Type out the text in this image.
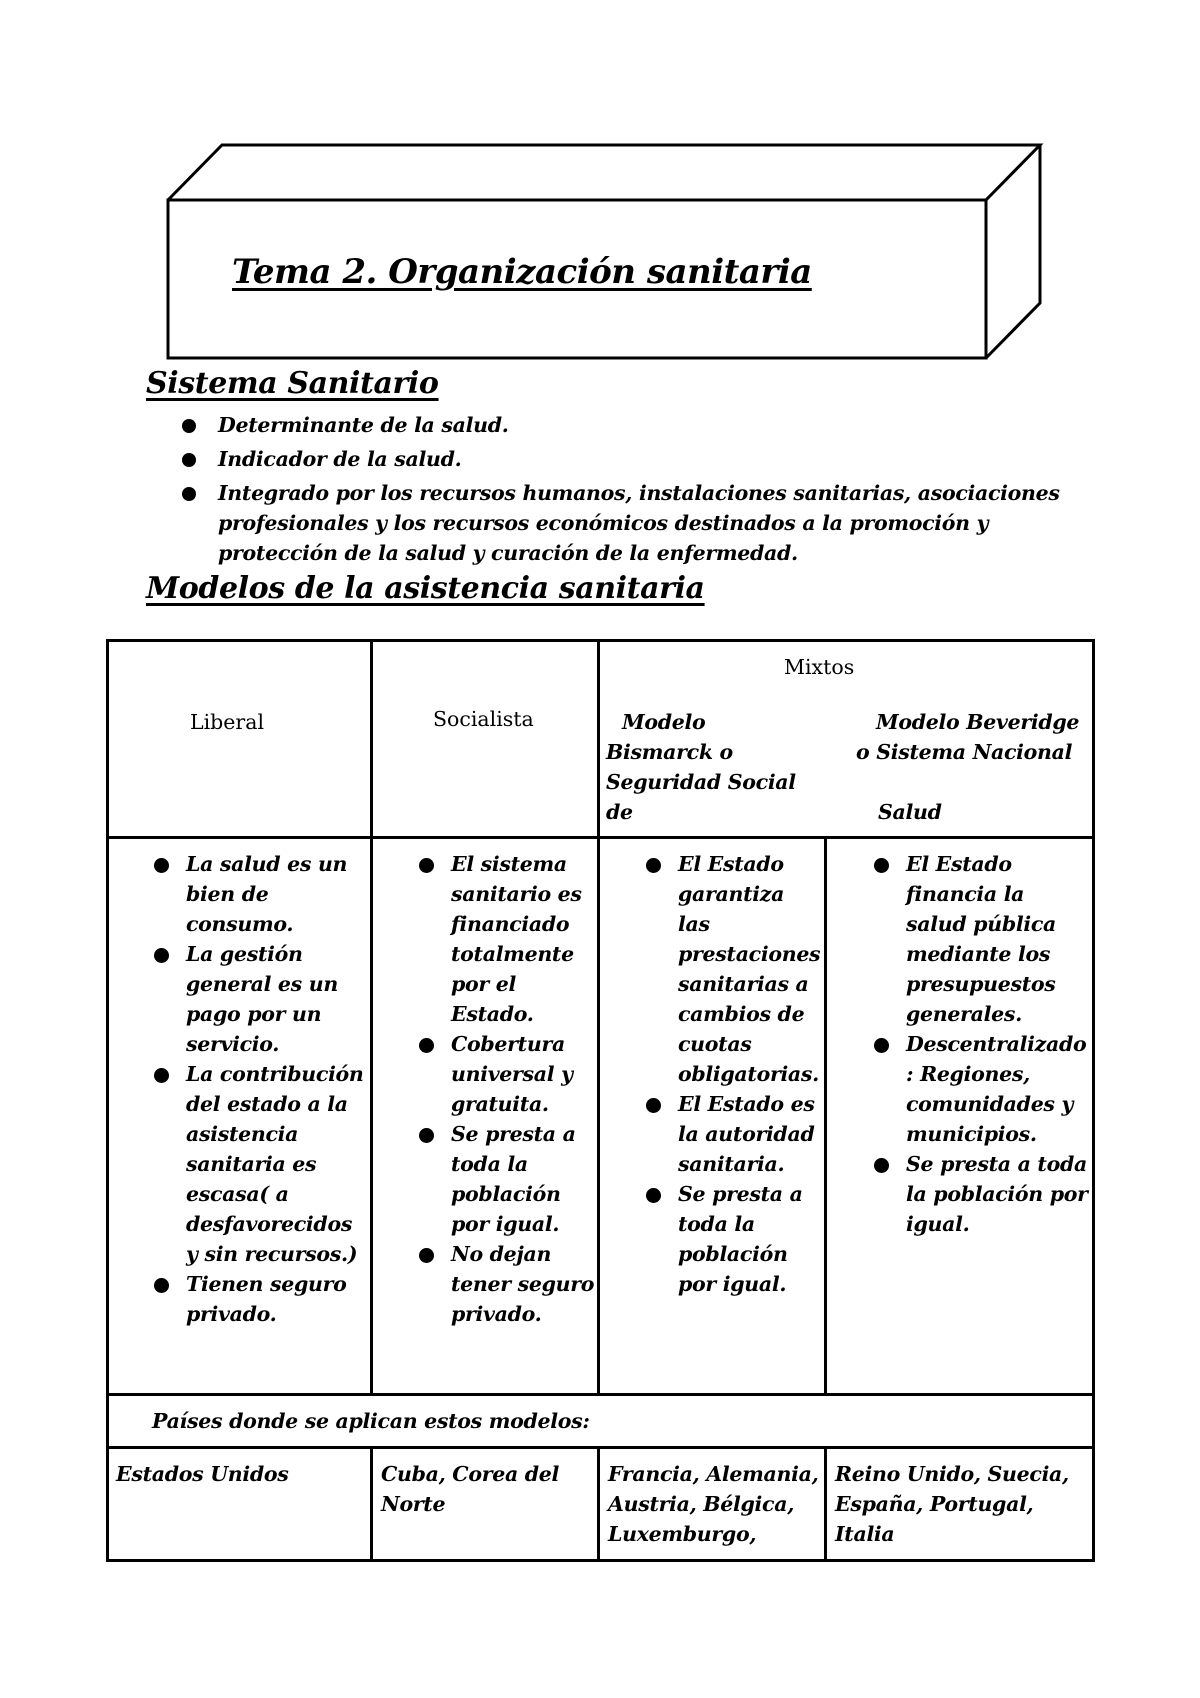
Tema 2. Organización sanitaria
Sistema Sanitario
Determinante de la salud.
Indicador de la salud.
Integrado por los recursos humanos, instalaciones sanitarias, asociaciones profesionales y los recursos económicos destinados a la promoción y protección de la salud y curación de la enfermedad.
Modelos de la asistencia sanitaria
Liberal	Socialista
Mixtos
Modelo Bismarck o Seguridad Social de
Modelo Beveridge o Sistema Nacional
Salud
La salud es un bien de consumo.
La gestión general es un pago por un servicio.
La contribución del estado a la asistencia sanitaria es escasa( a desfavorecidos y sin recursos.)
Tienen seguro privado.
El sistema sanitario es financiado totalmente por el Estado.
Cobertura universal y gratuita.
Se presta a toda la población por igual.
No dejan tener seguro privado.
El Estado garantiza las prestaciones sanitarias a cambios de cuotas obligatorias.
El Estado es la autoridad sanitaria.
Se presta a toda la población por igual.
El Estado financia la salud pública mediante los presupuestos generales.
Descentralizado : Regiones, comunidades y municipios.
Se presta a toda la población por igual.
Países donde se aplican estos modelos:
Estados Unidos	Cuba, Corea del Norte
Francia, Alemania, Austria, Bélgica, Luxemburgo,
Reino Unido, Suecia, España, Portugal, Italia
